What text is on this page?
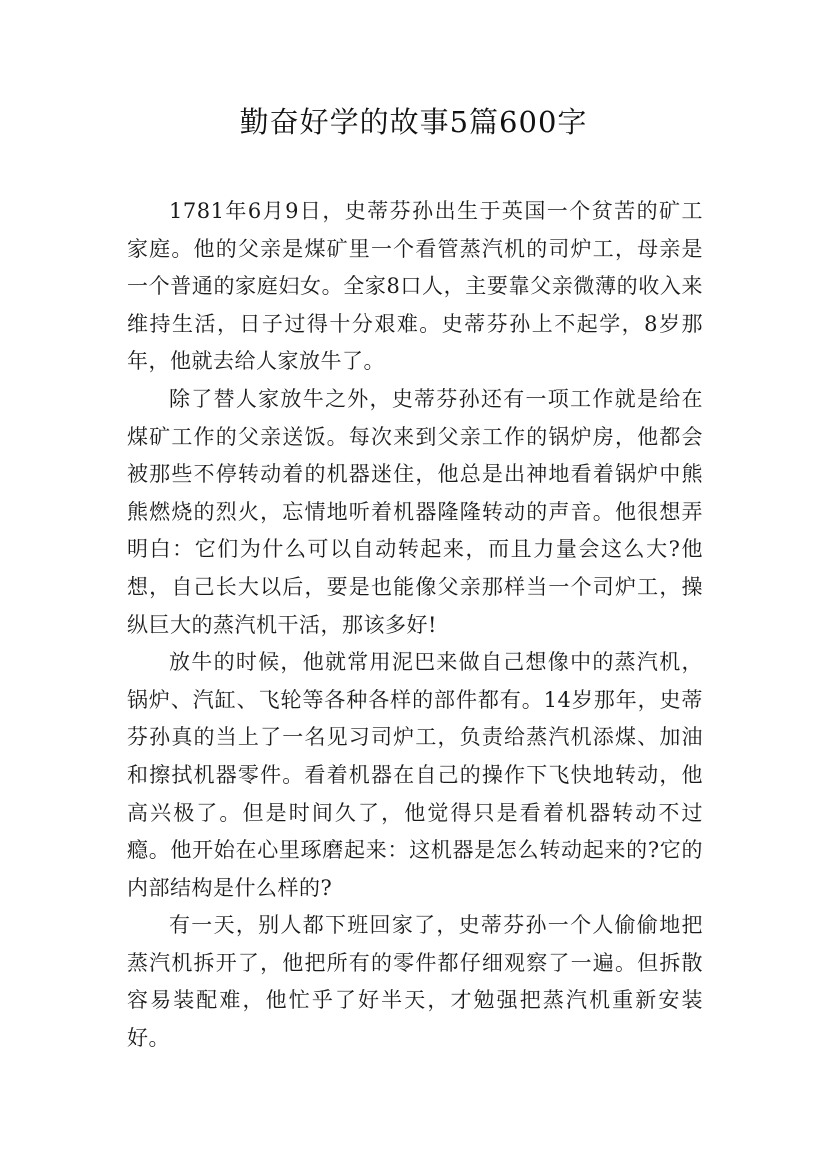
勤奋好学的故事5篇600字

1781年6月9日，史蒂芬孙出生于英国一个贫苦的矿工家庭。他的父亲是煤矿里一个看管蒸汽机的司炉工，母亲是一个普通的家庭妇女。全家8口人，主要靠父亲微薄的收入来维持生活，日子过得十分艰难。史蒂芬孙上不起学，8岁那年，他就去给人家放牛了。

除了替人家放牛之外，史蒂芬孙还有一项工作就是给在煤矿工作的父亲送饭。每次来到父亲工作的锅炉房，他都会被那些不停转动着的机器迷住，他总是出神地看着锅炉中熊熊燃烧的烈火，忘情地听着机器隆隆转动的声音。他很想弄明白：它们为什么可以自动转起来，而且力量会这么大?他想，自己长大以后，要是也能像父亲那样当一个司炉工，操纵巨大的蒸汽机干活，那该多好!

放牛的时候，他就常用泥巴来做自己想像中的蒸汽机，锅炉、汽缸、飞轮等各种各样的部件都有。14岁那年，史蒂芬孙真的当上了一名见习司炉工，负责给蒸汽机添煤、加油和擦拭机器零件。看着机器在自己的操作下飞快地转动，他高兴极了。但是时间久了，他觉得只是看着机器转动不过瘾。他开始在心里琢磨起来：这机器是怎么转动起来的?它的内部结构是什么样的?

有一天，别人都下班回家了，史蒂芬孙一个人偷偷地把蒸汽机拆开了，他把所有的零件都仔细观察了一遍。但拆散容易装配难，他忙乎了好半天，才勉强把蒸汽机重新安装好。
